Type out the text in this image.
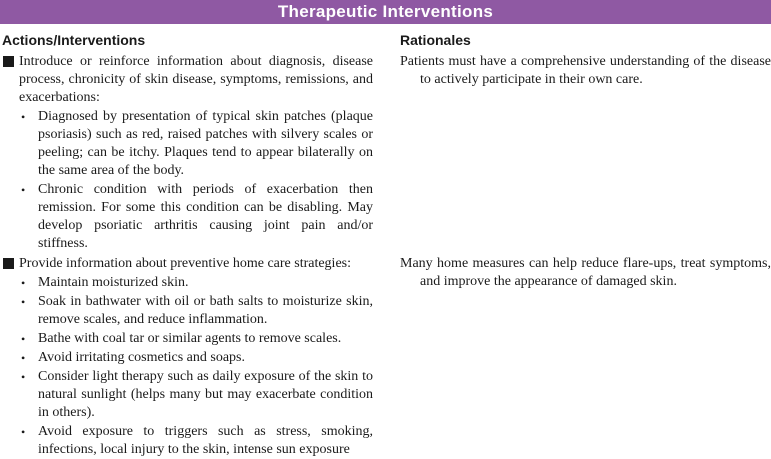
Therapeutic Interventions
Actions/Interventions	Rationales
Introduce or reinforce information about diagnosis, disease process, chronicity of skin disease, symptoms, remissions, and exacerbations:
• Diagnosed by presentation of typical skin patches (plaque psoriasis) such as red, raised patches with silvery scales or peeling; can be itchy. Plaques tend to appear bilaterally on the same area of the body.
• Chronic condition with periods of exacerbation then remission. For some this condition can be disabling. May develop psoriatic arthritis causing joint pain and/or stiffness.
Provide information about preventive home care strategies:
• Maintain moisturized skin.
• Soak in bathwater with oil or bath salts to moisturize skin, remove scales, and reduce inflammation.
• Bathe with coal tar or similar agents to remove scales.
• Avoid irritating cosmetics and soaps.
• Consider light therapy such as daily exposure of the skin to natural sunlight (helps many but may exacerbate condition in others).
• Avoid exposure to triggers such as stress, smoking, infections, local injury to the skin, intense sun exposure
Patients must have a comprehensive understanding of the disease to actively participate in their own care.
Many home measures can help reduce flare-ups, treat symptoms, and improve the appearance of damaged skin.
